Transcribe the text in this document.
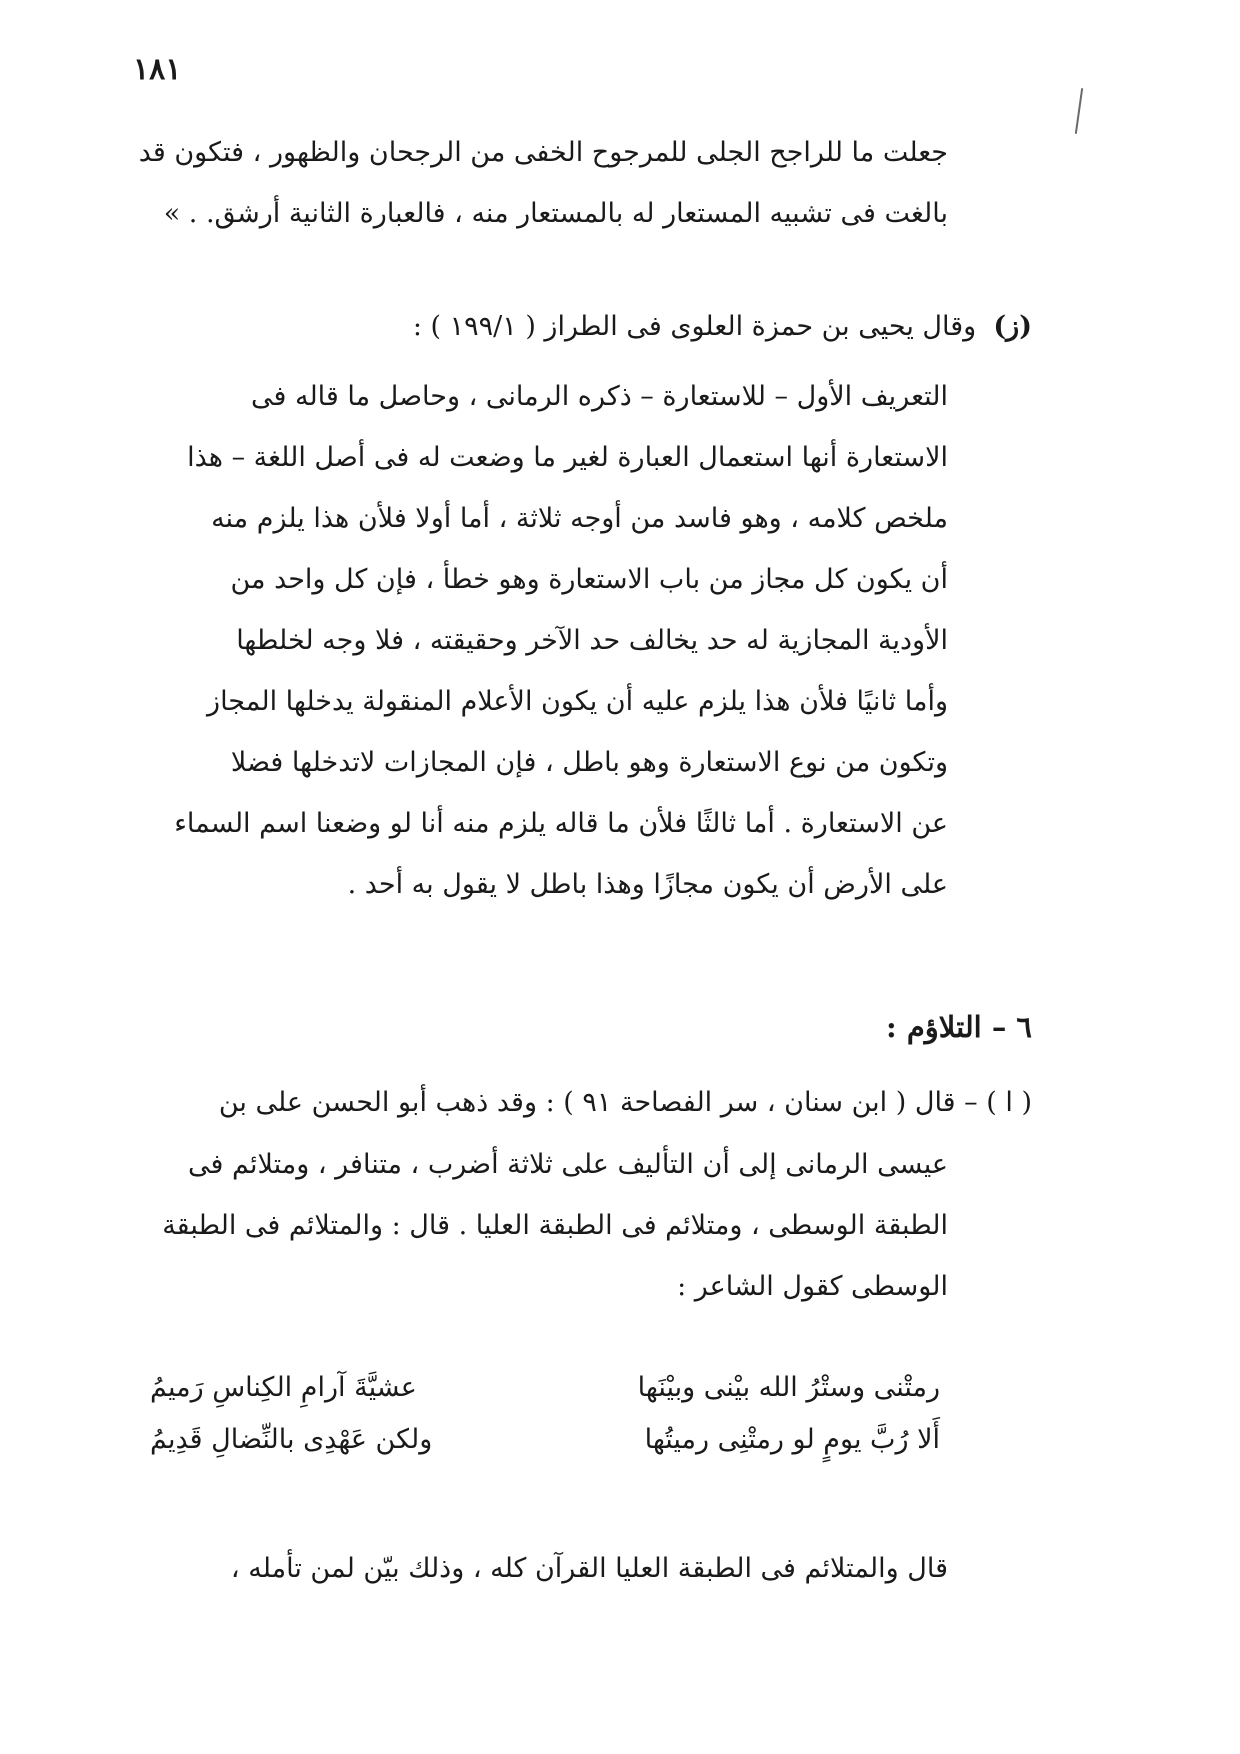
١٨١
جعلت ما للراجح الجلى للمرجوح الخفى من الرجحان والظهور ، فتكون قد
بالغت فى تشبيه المستعار له بالمستعار منه ، فالعبارة الثانية أرشق. . »
(ز)  وقال يحيى بن حمزة العلوى فى الطراز ( ١٩٩/١ ) :
التعريف الأول – للاستعارة – ذكره الرمانى ، وحاصل ما قاله فى
الاستعارة أنها استعمال العبارة لغير ما وضعت له فى أصل اللغة – هذا
ملخص كلامه ، وهو فاسد من أوجه ثلاثة ، أما أولا فلأن هذا يلزم منه
أن يكون كل مجاز من باب الاستعارة وهو خطأ ، فإن كل واحد من
الأودية المجازية له حد يخالف حد الآخر وحقيقته ، فلا وجه لخلطها
وأما ثانيًا فلأن هذا يلزم عليه أن يكون الأعلام المنقولة يدخلها المجاز
وتكون من نوع الاستعارة وهو باطل ، فإن المجازات لاتدخلها فضلا
عن الاستعارة . أما ثالثًا فلأن ما قاله يلزم منه أنا لو وضعنا اسم السماء
على الأرض أن يكون مجازًا وهذا باطل لا يقول به أحد .
٦ – التلاؤم :
( ا ) – قال ( ابن سنان ، سر الفصاحة ٩١ ) : وقد ذهب أبو الحسن على بن
عيسى الرمانى إلى أن التأليف على ثلاثة أضرب ، متنافر ، ومتلائم فى
الطبقة الوسطى ، ومتلائم فى الطبقة العليا . قال : والمتلائم فى الطبقة
الوسطى كقول الشاعر :
رمتْنى وستْرُ الله بيْنى وبيْنَها
عشيَّةَ آرامِ الكِناسِ رَميمُ
أَلا رُبَّ يومٍ لو رمتْنِى رميتُها
ولكن عَهْدِى بالنِّضالِ قَدِيمُ
قال والمتلائم فى الطبقة العليا القرآن كله ، وذلك بيّن لمن تأمله ،
